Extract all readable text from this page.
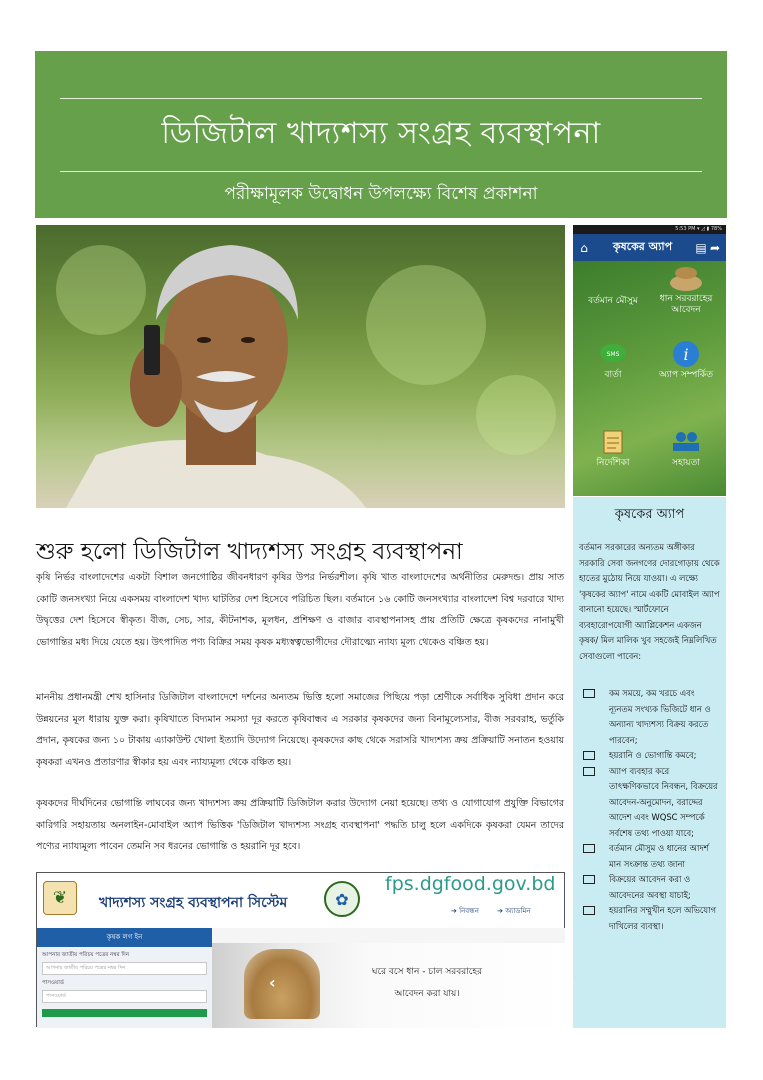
ডিজিটাল খাদ্যশস্য সংগ্রহ ব্যবস্থাপনা
পরীক্ষামূলক উদ্বোধন উপলক্ষ্যে বিশেষ প্রকাশনা
5:53 PM ▾ ◿ ▮ 78%
⌂	কৃষকের অ্যাপ	▤ ➦

বর্তমান মৌসুম	ধান সরবরাহের আবেদন
SMS
বার্তা
i
অ্যাপ সম্পর্কিত
নির্দেশিকা	সহায়তা
কৃষকের অ্যাপ
বর্তমান সরকারের অন্যতম অঙ্গীকার সরকারি সেবা জনগণের দোরগোড়ায় থেকে হাতের মুঠোয় নিয়ে যাওয়া। এ লক্ষ্যে 'কৃষকের অ্যাপ' নামে একটি মোবাইল অ্যাপ বানানো হয়েছে। স্মার্টফোনে ব্যবহারোপযোগী অ্যাপ্লিকেশন একজন কৃষক/ মিল মালিক খুব সহজেই নিম্নলিখিত সেবাগুলো পাবেন:
কম সময়ে, কম খরচে এবং ন্যূনতম সংখ্যক ভিজিটে ধান ও অন্যান্য খাদ্যশস্য বিক্রয় করতে পারবেন;
হয়রানি ও ভোগান্তি কমবে;
অ্যাপ ব্যবহার করে তাৎক্ষণিকভাবে নিবন্ধন, বিক্রয়ের আবেদন-অনুমোদন, বরাদ্দের আদেশ এবং WQSC সম্পর্কে সর্বশেষ তথ্য পাওয়া যাবে;
বর্তমান মৌসুম ও ধানের আদর্শ মান সংক্রান্ত তথ্য জানা
বিক্রয়ের আবেদন করা ও আবেদনের অবস্থা যাচাই;
হয়রানির সম্মুখীন হলে অভিযোগ দাখিলের ব্যবস্থা।
শুরু হলো ডিজিটাল খাদ্যশস্য সংগ্রহ ব্যবস্থাপনা

কৃষি নির্ভর বাংলাদেশের একটা বিশাল জনগোষ্ঠির জীবনধারণ কৃষির উপর নির্ভরশীল। কৃষি খাত বাংলাদেশের অর্থনীতির মেরুদন্ড। প্রায় সাত কোটি জনসংখ্যা নিয়ে একসময় বাংলাদেশ খাদ্য ঘাটতির দেশ হিসেবে পরিচিত ছিল। বর্তমানে ১৬ কোটি জনসংখ্যার বাংলাদেশ বিশ্ব দরবারে খাদ্য উদ্বৃত্তের দেশ হিসেবে স্বীকৃত। বীজ, সেচ, সার, কীটনাশক, মূলধন, প্রশিক্ষণ ও বাজার ব্যবস্থাপনাসহ প্রায় প্রতিটি ক্ষেত্রে কৃষকদের নানামুখী ভোগান্তির মধ্য দিয়ে যেতে হয়। উৎপাদিত পণ্য বিক্রির সময় কৃষক মধ্যস্বত্বভোগীদের দৌরাত্ম্যে ন্যায্য মূল্য থেকেও বঞ্চিত হয়।

মাননীয় প্রধানমন্ত্রী শেখ হাসিনার ডিজিটাল বাংলাদেশে দর্শনের অন্যতম ভিত্তি হলো সমাজের পিছিয়ে পড়া শ্রেণীকে সর্বাধিক সুবিধা প্রদান করে উন্নয়নের মূল ধারায় যুক্ত করা। কৃষিখাতে বিদ্যমান সমস্যা দূর করতে কৃষিবান্ধব এ সরকার কৃষকদের জন্য বিনামূল্যেসার, বীজ সরবরাহ, ভর্তুকি প্রদান, কৃষকের জন্য ১০ টাকায় এ্যাকাউন্ট খোলা ইত্যাদি উদ্যোগ নিয়েছে। কৃষকদের কাছ থেকে সরাসরি খাদ্যশস্য ক্রয় প্রক্রিয়াটি সনাতন হওয়ায় কৃষকরা এখনও প্রতারণার স্বীকার হয় এবং ন্যায্যমূল্য থেকে বঞ্চিত হয়।

কৃষকদের দীর্ঘদিনের ভোগান্তি লাঘবের জন্য খাদ্যশস্য ক্রয় প্রক্রিয়াটি ডিজিটাল করার উদ্যোগ নেয়া হয়েছে। তথ্য ও যোগাযোগ প্রযুক্তি বিভাগের কারিগরি সহায়তায় অনলাইন-মোবাইল অ্যাপ ভিত্তিক 'ডিজিটাল খাদ্যশস্য সংগ্রহ ব্যবস্থাপনা' পদ্ধতি চালু হলে একদিকে কৃষকরা যেমন তাদের পণ্যের ন্যায্যমূল্য পাবেন তেমনি সব ধরনের ভোগান্তি ও হয়রানি দূর হবে।

❦	খাদ্যশস্য সংগ্রহ ব্যবস্থাপনা সিস্টেম	✿
fps.dgfood.gov.bd
➔ নিবন্ধন	➔ অ্যাডমিন
কৃষক লগ ইন
আপনার জাতীয় পরিচয় পত্রের নম্বর দিন
আপনার জাতীয় পরিচয় পত্রের নম্বর দিন
পাসওয়ার্ড
পাসওয়ার্ড
ঘরে বসে ধান - চাল সরবরাহের আবেদন করা যায়।
‹	›
